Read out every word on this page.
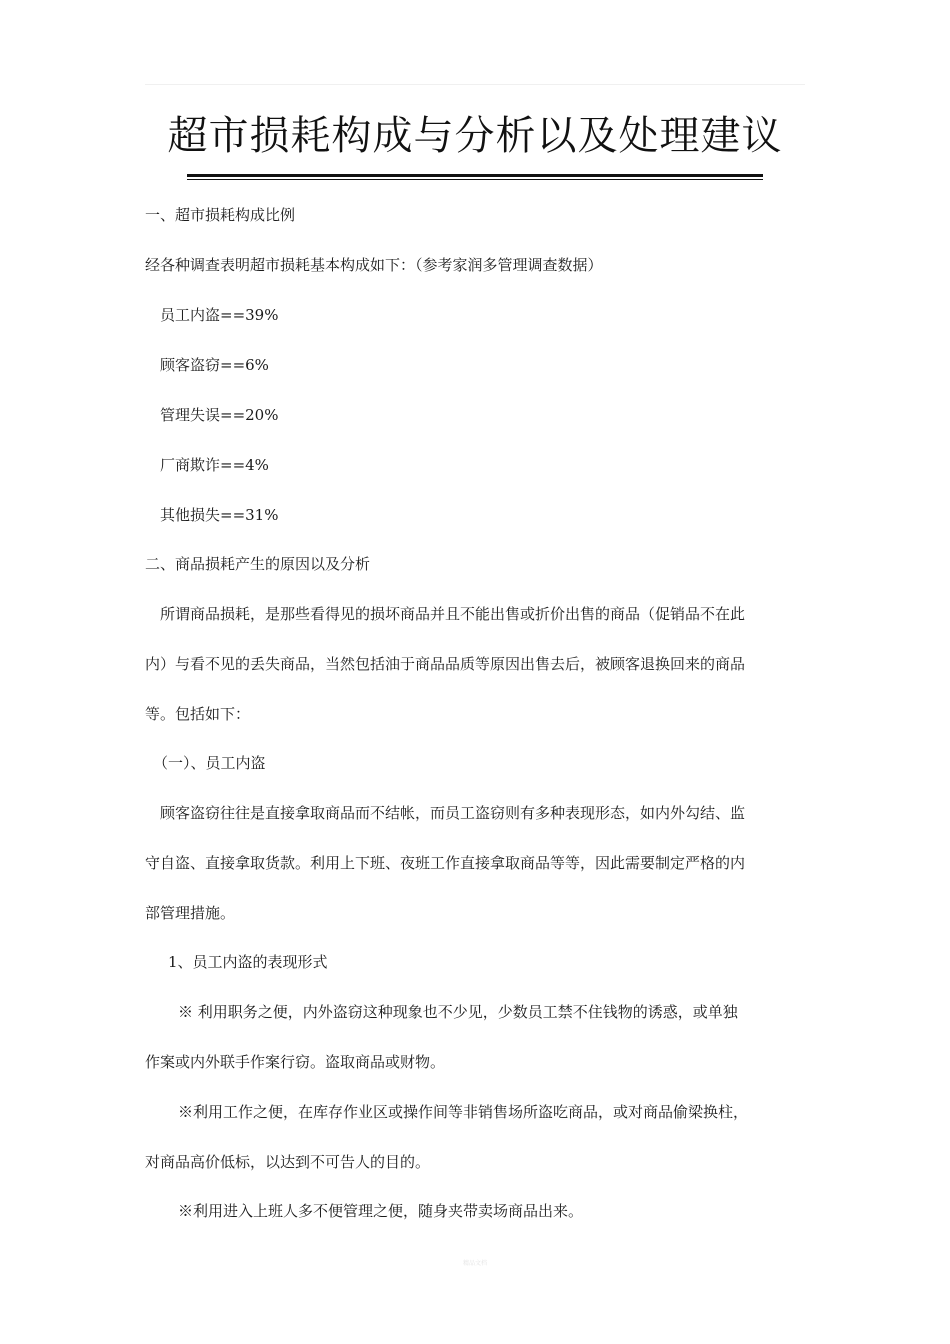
超市损耗构成与分析以及处理建议
一、超市损耗构成比例
经各种调查表明超市损耗基本构成如下：（参考家润多管理调查数据）
员工内盗==39%
顾客盗窃==6%
管理失误==20%
厂商欺诈==4%
其他损失==31%
二、商品损耗产生的原因以及分析
所谓商品损耗，是那些看得见的损坏商品并且不能出售或折价出售的商品（促销品不在此
内）与看不见的丢失商品，当然包括油于商品品质等原因出售去后，被顾客退换回来的商品
等。包括如下：
（一）、员工内盗
顾客盗窃往往是直接拿取商品而不结帐，而员工盗窃则有多种表现形态，如内外勾结、监
守自盗、直接拿取货款。利用上下班、夜班工作直接拿取商品等等，因此需要制定严格的内
部管理措施。
1、员工内盗的表现形式
※ 利用职务之便，内外盗窃这种现象也不少见，少数员工禁不住钱物的诱惑，或单独
作案或内外联手作案行窃。盗取商品或财物。
※利用工作之便，在库存作业区或操作间等非销售场所盗吃商品，或对商品偷梁换柱，
对商品高价低标，以达到不可告人的目的。
※利用进入上班人多不便管理之便，随身夹带卖场商品出来。
精品文档
